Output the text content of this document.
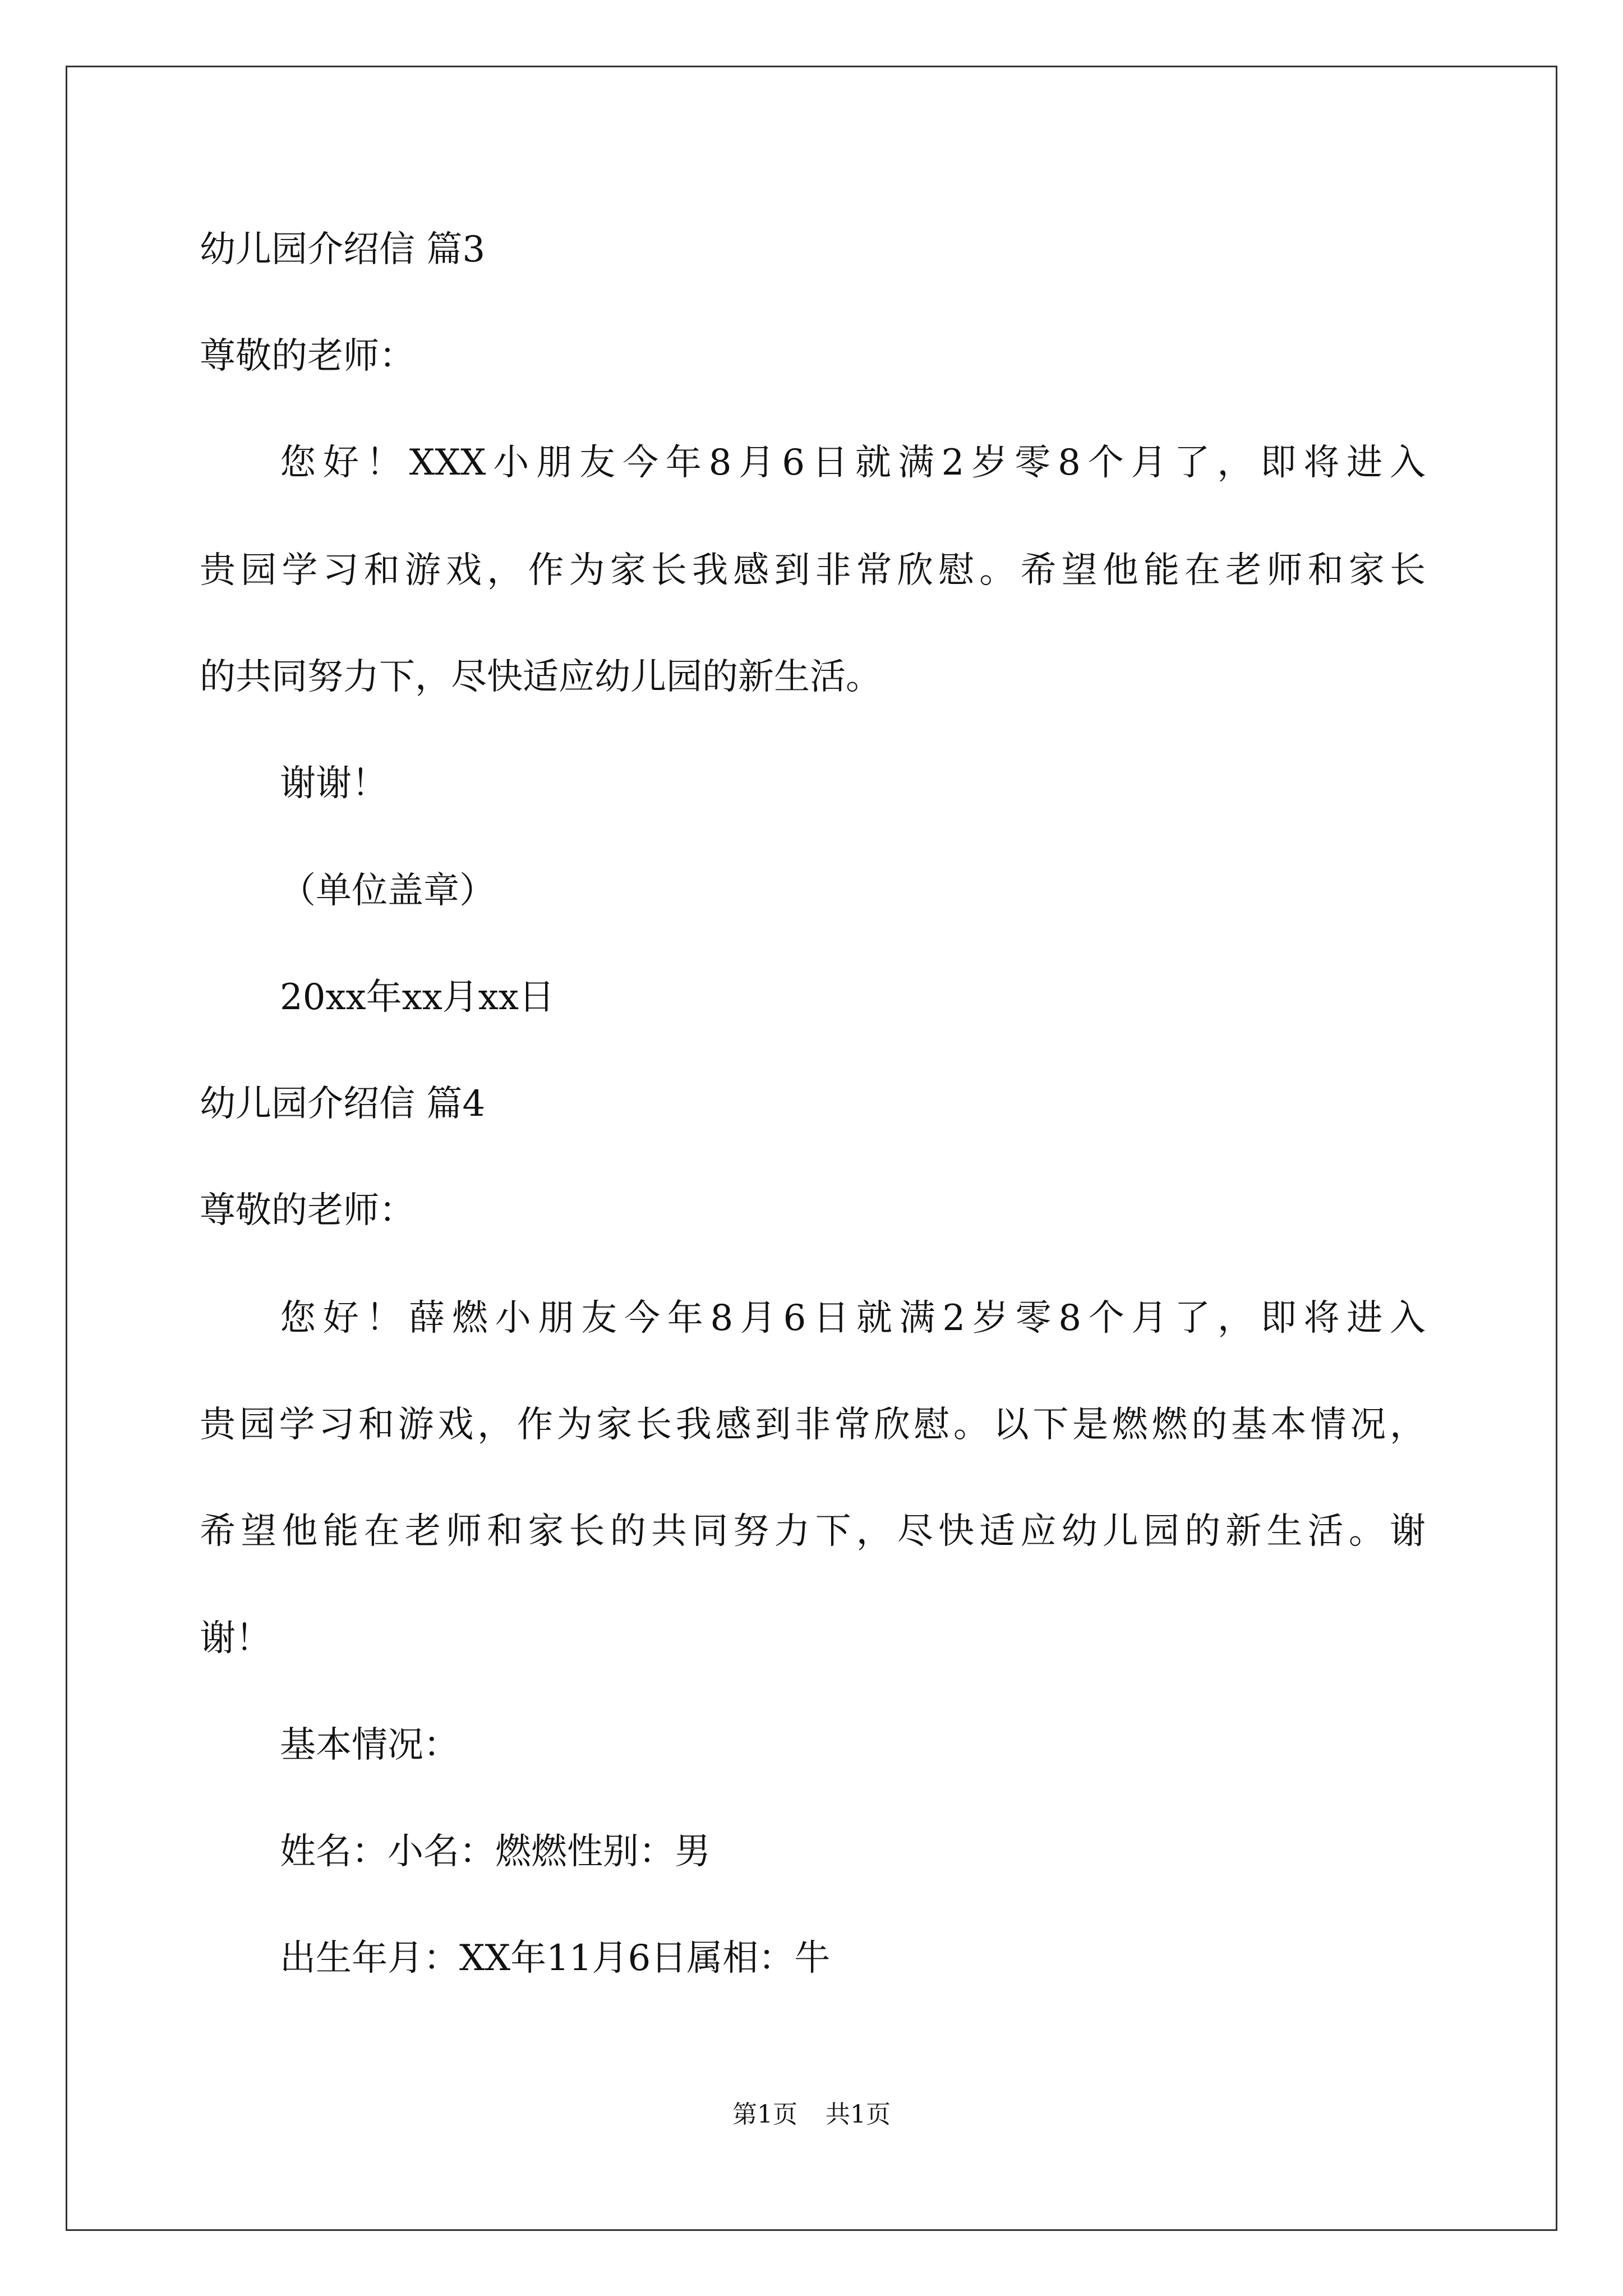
幼儿园介绍信 篇3
尊敬的老师：
您好！XXX小朋友今年8月6日就满2岁零8个月了，即将进入
贵园学习和游戏，作为家长我感到非常欣慰。希望他能在老师和家长
的共同努力下，尽快适应幼儿园的新生活。
谢谢！
（单位盖章）
20xx年xx月xx日
幼儿园介绍信 篇4
尊敬的老师：
您好！薛燃小朋友今年8月6日就满2岁零8个月了，即将进入
贵园学习和游戏，作为家长我感到非常欣慰。以下是燃燃的基本情况，
希望他能在老师和家长的共同努力下，尽快适应幼儿园的新生活。谢
谢！
基本情况：
姓名：小名：燃燃性别：男
出生年月：XX年11月6日属相：牛
第1页 共1页
